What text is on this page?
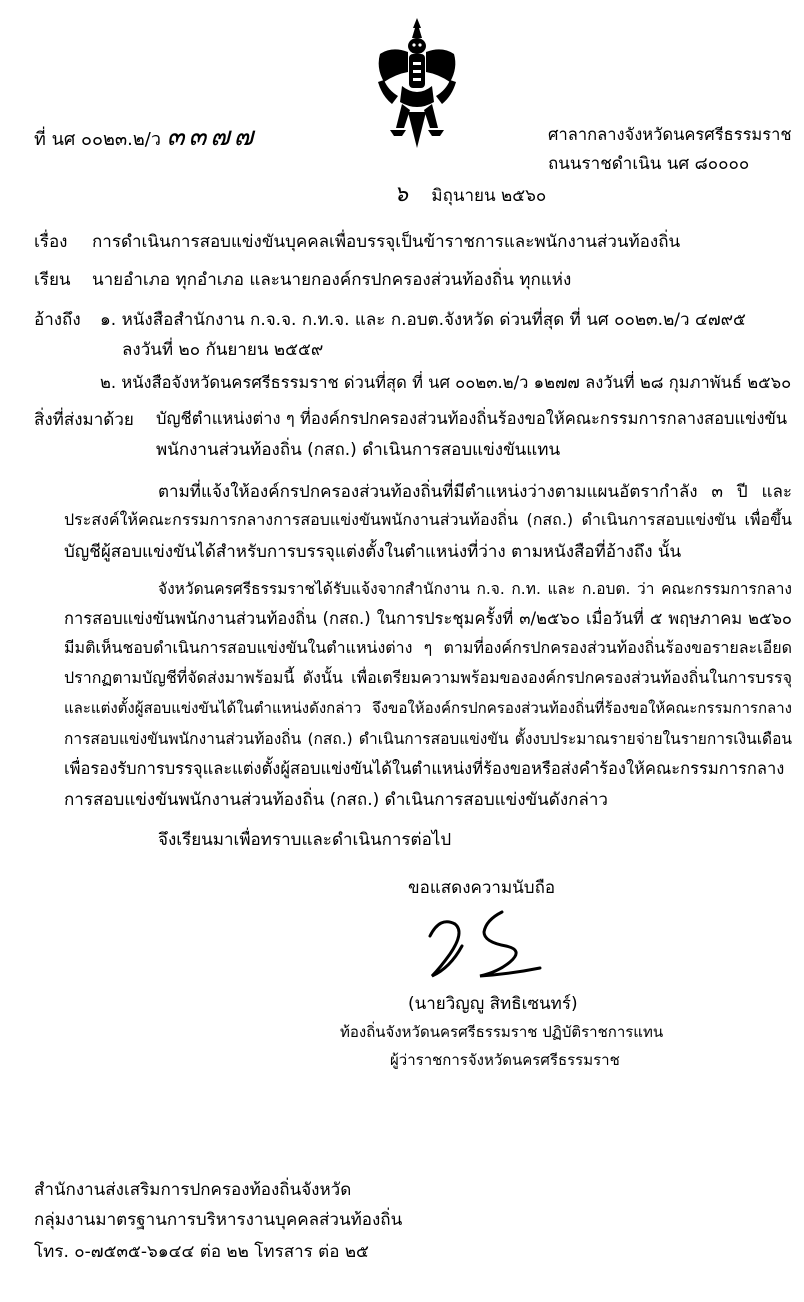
ที่ นศ ๐๐๒๓.๒/ว ๓๓๗๗	ศาลากลางจังหวัดนครศรีธรรมราช
ถนนราชดำเนิน นศ ๘๐๐๐๐
๖ มิถุนายน ๒๕๖๐
เรื่อง การดำเนินการสอบแข่งขันบุคคลเพื่อบรรจุเป็นข้าราชการและพนักงานส่วนท้องถิ่น
เรียน นายอำเภอ ทุกอำเภอ และนายกองค์กรปกครองส่วนท้องถิ่น ทุกแห่ง
อ้างถึง ๑. หนังสือสำนักงาน ก.จ.จ. ก.ท.จ. และ ก.อบต.จังหวัด ด่วนที่สุด ที่ นศ ๐๐๒๓.๒/ว ๔๗๙๕
ลงวันที่ ๒๐ กันยายน ๒๕๕๙
๒. หนังสือจังหวัดนครศรีธรรมราช ด่วนที่สุด ที่ นศ ๐๐๒๓.๒/ว ๑๒๗๗ ลงวันที่ ๒๘ กุมภาพันธ์ ๒๕๖๐
สิ่งที่ส่งมาด้วย บัญชีตำแหน่งต่าง ๆ ที่องค์กรปกครองส่วนท้องถิ่นร้องขอให้คณะกรรมการกลางสอบแข่งขัน
พนักงานส่วนท้องถิ่น (กสถ.) ดำเนินการสอบแข่งขันแทน
ตามที่แจ้งให้องค์กรปกครองส่วนท้องถิ่นที่มีตำแหน่งว่างตามแผนอัตรากำลัง ๓ ปี และ
ประสงค์ให้คณะกรรมการกลางการสอบแข่งขันพนักงานส่วนท้องถิ่น (กสถ.) ดำเนินการสอบแข่งขัน เพื่อขึ้น
บัญชีผู้สอบแข่งขันได้สำหรับการบรรจุแต่งตั้งในตำแหน่งที่ว่าง ตามหนังสือที่อ้างถึง นั้น
จังหวัดนครศรีธรรมราชได้รับแจ้งจากสำนักงาน ก.จ. ก.ท. และ ก.อบต. ว่า คณะกรรมการกลาง
การสอบแข่งขันพนักงานส่วนท้องถิ่น (กสถ.) ในการประชุมครั้งที่ ๓/๒๕๖๐ เมื่อวันที่ ๕ พฤษภาคม ๒๕๖๐
มีมติเห็นชอบดำเนินการสอบแข่งขันในตำแหน่งต่าง ๆ ตามที่องค์กรปกครองส่วนท้องถิ่นร้องขอรายละเอียด
ปรากฏตามบัญชีที่จัดส่งมาพร้อมนี้ ดังนั้น เพื่อเตรียมความพร้อมขององค์กรปกครองส่วนท้องถิ่นในการบรรจุ
และแต่งตั้งผู้สอบแข่งขันได้ในตำแหน่งดังกล่าว จึงขอให้องค์กรปกครองส่วนท้องถิ่นที่ร้องขอให้คณะกรรมการกลาง
การสอบแข่งขันพนักงานส่วนท้องถิ่น (กสถ.) ดำเนินการสอบแข่งขัน ตั้งงบประมาณรายจ่ายในรายการเงินเดือน
เพื่อรองรับการบรรจุและแต่งตั้งผู้สอบแข่งขันได้ในตำแหน่งที่ร้องขอหรือส่งคำร้องให้คณะกรรมการกลาง
การสอบแข่งขันพนักงานส่วนท้องถิ่น (กสถ.) ดำเนินการสอบแข่งขันดังกล่าว
จึงเรียนมาเพื่อทราบและดำเนินการต่อไป
ขอแสดงความนับถือ
(นายวิญญู สิทธิเซนทร์)
ท้องถิ่นจังหวัดนครศรีธรรมราช ปฏิบัติราชการแทน
ผู้ว่าราชการจังหวัดนครศรีธรรมราช
สำนักงานส่งเสริมการปกครองท้องถิ่นจังหวัด
กลุ่มงานมาตรฐานการบริหารงานบุคคลส่วนท้องถิ่น
โทร. ๐-๗๕๓๕-๖๑๔๔ ต่อ ๒๒ โทรสาร ต่อ ๒๕
